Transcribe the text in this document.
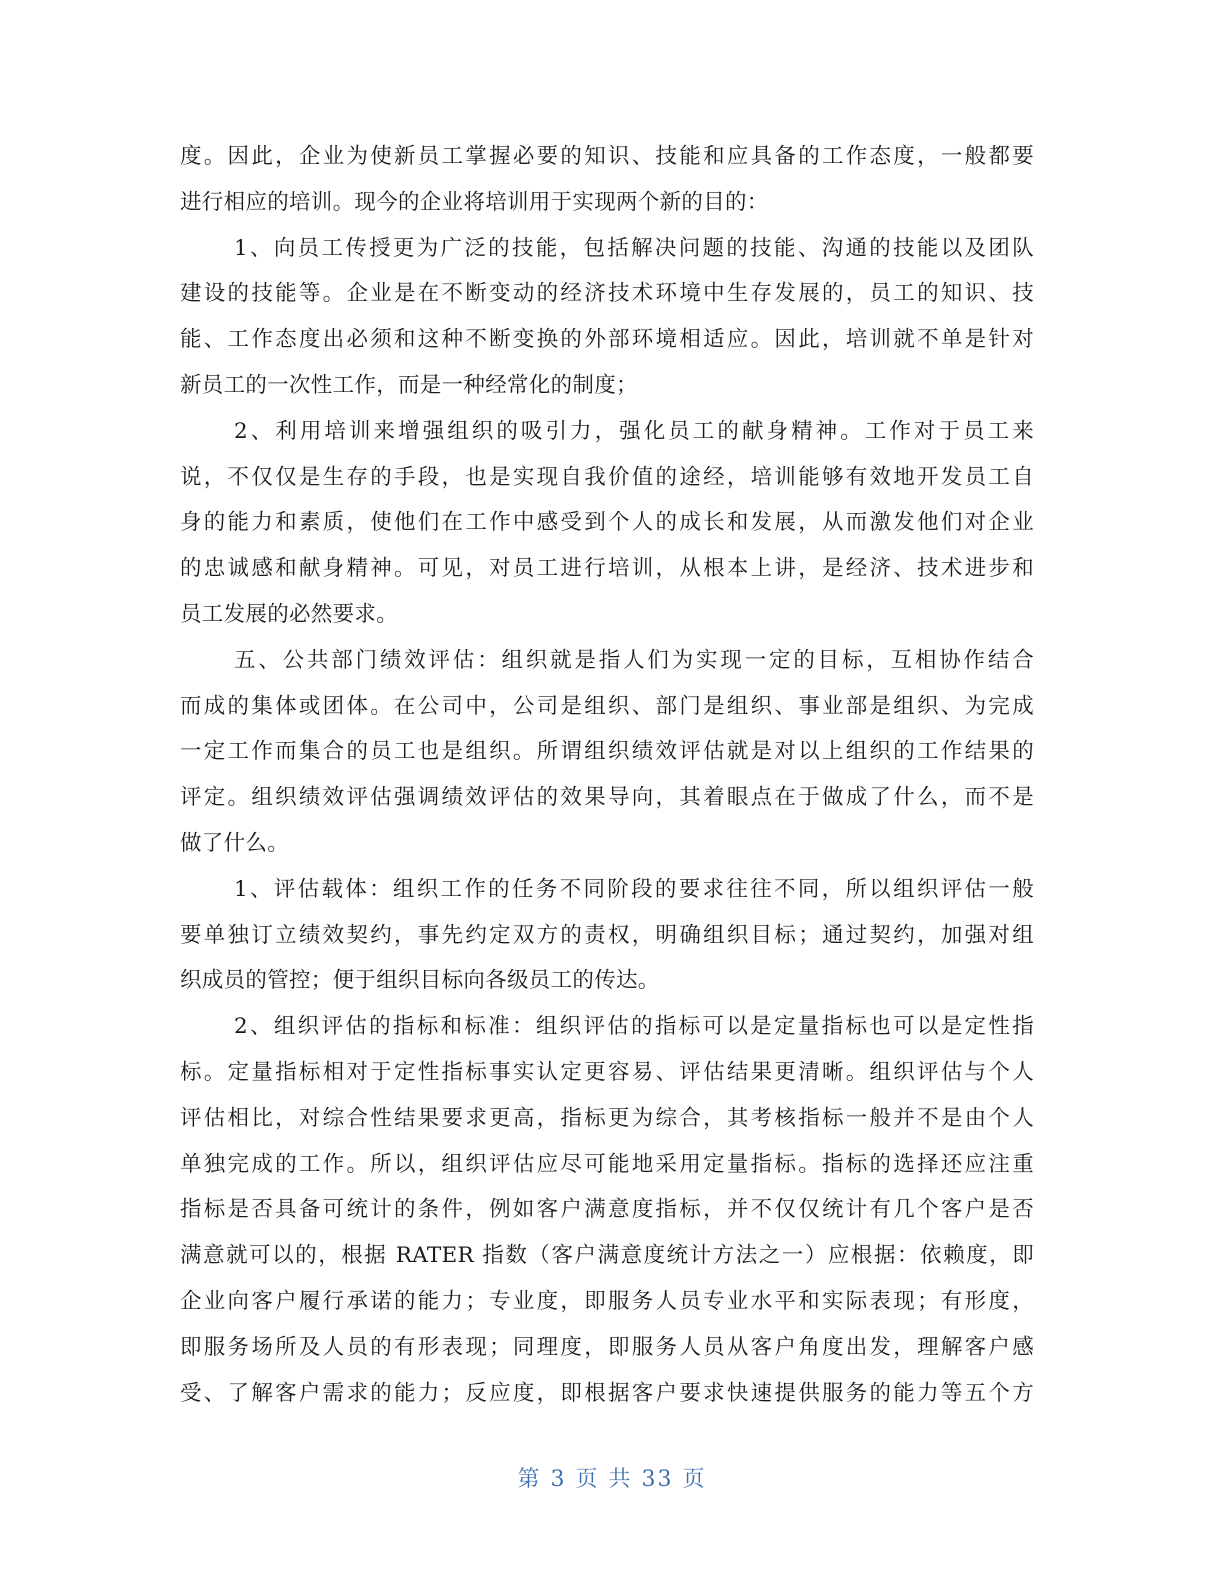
度。因此，企业为使新员工掌握必要的知识、技能和应具备的工作态度，一般都要
进行相应的培训。现今的企业将培训用于实现两个新的目的：
1、向员工传授更为广泛的技能，包括解决问题的技能、沟通的技能以及团队
建设的技能等。企业是在不断变动的经济技术环境中生存发展的，员工的知识、技
能、工作态度出必须和这种不断变换的外部环境相适应。因此，培训就不单是针对
新员工的一次性工作，而是一种经常化的制度；
2、利用培训来增强组织的吸引力，强化员工的献身精神。工作对于员工来
说，不仅仅是生存的手段，也是实现自我价值的途经，培训能够有效地开发员工自
身的能力和素质，使他们在工作中感受到个人的成长和发展，从而激发他们对企业
的忠诚感和献身精神。可见，对员工进行培训，从根本上讲，是经济、技术进步和
员工发展的必然要求。
五、公共部门绩效评估：组织就是指人们为实现一定的目标，互相协作结合
而成的集体或团体。在公司中，公司是组织、部门是组织、事业部是组织、为完成
一定工作而集合的员工也是组织。所谓组织绩效评估就是对以上组织的工作结果的
评定。组织绩效评估强调绩效评估的效果导向，其着眼点在于做成了什么，而不是
做了什么。
1、评估载体：组织工作的任务不同阶段的要求往往不同，所以组织评估一般
要单独订立绩效契约，事先约定双方的责权，明确组织目标；通过契约，加强对组
织成员的管控；便于组织目标向各级员工的传达。
2、组织评估的指标和标准：组织评估的指标可以是定量指标也可以是定性指
标。定量指标相对于定性指标事实认定更容易、评估结果更清晰。组织评估与个人
评估相比，对综合性结果要求更高，指标更为综合，其考核指标一般并不是由个人
单独完成的工作。所以，组织评估应尽可能地采用定量指标。指标的选择还应注重
指标是否具备可统计的条件，例如客户满意度指标，并不仅仅统计有几个客户是否
满意就可以的，根据 RATER 指数（客户满意度统计方法之一）应根据：依赖度，即
企业向客户履行承诺的能力；专业度，即服务人员专业水平和实际表现；有形度，
即服务场所及人员的有形表现；同理度，即服务人员从客户角度出发，理解客户感
受、了解客户需求的能力；反应度，即根据客户要求快速提供服务的能力等五个方
第 3 页 共 33 页
